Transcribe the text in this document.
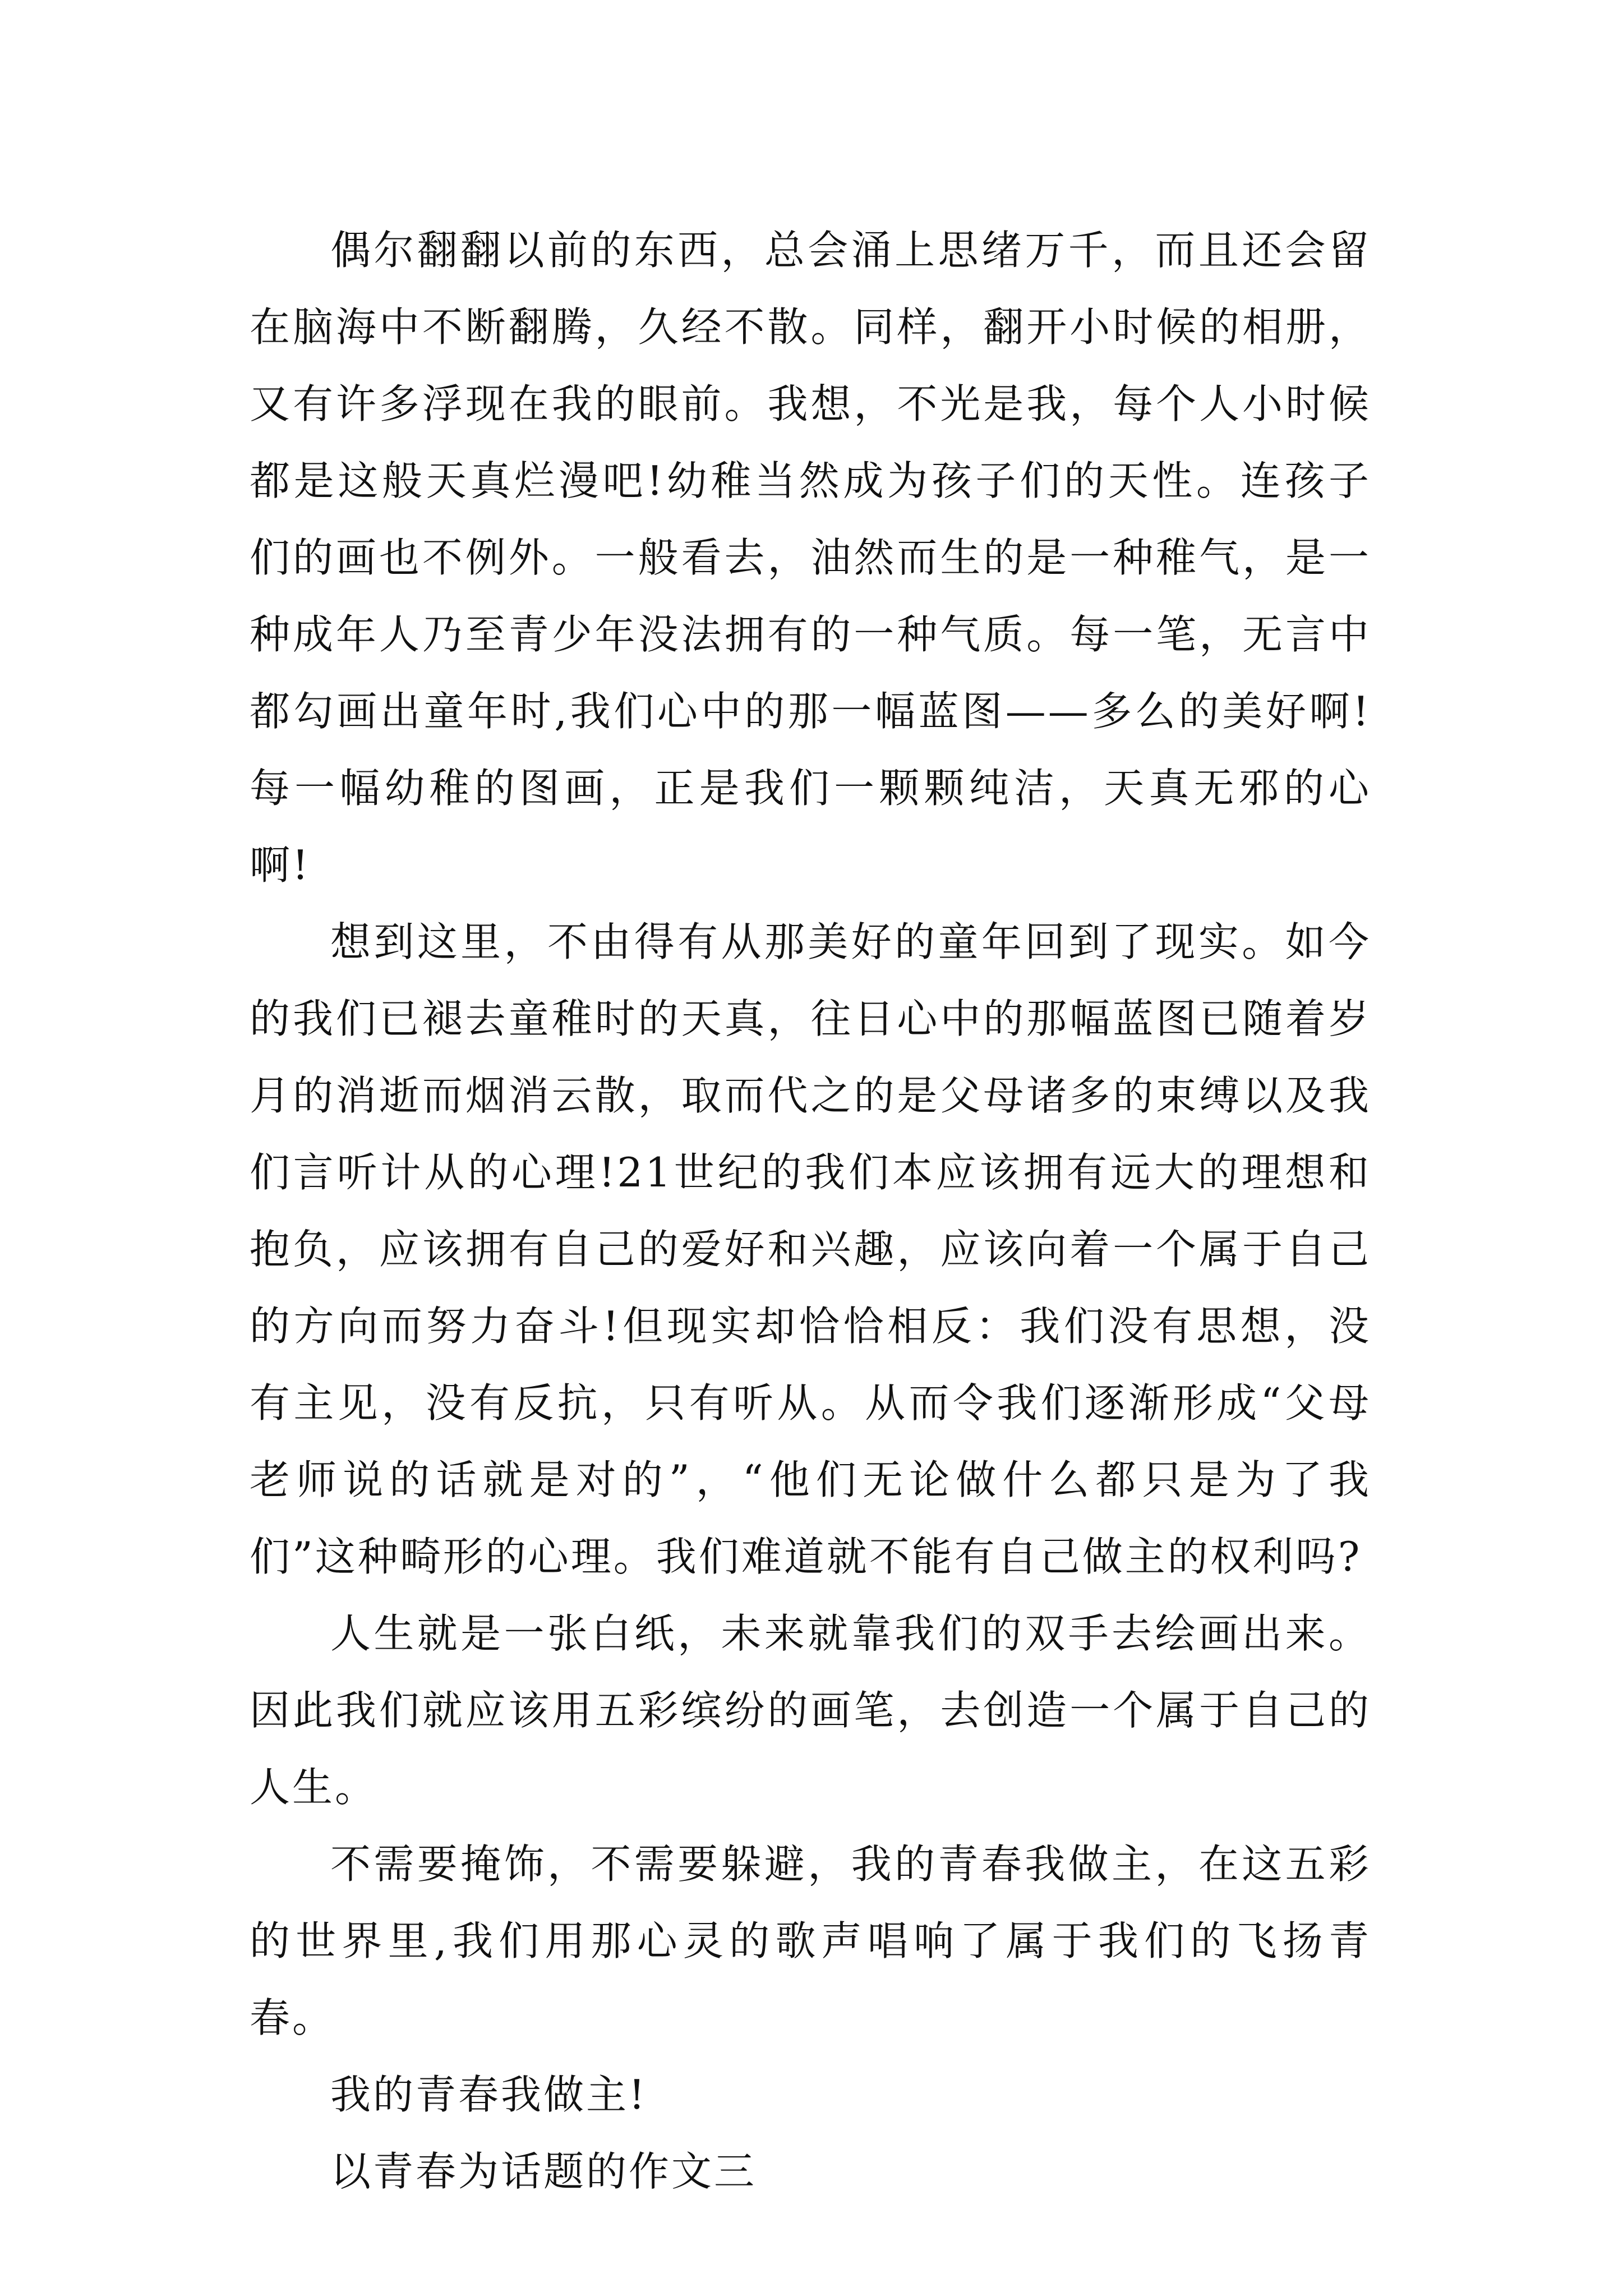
偶尔翻翻以前的东西，总会涌上思绪万千，而且还会留在脑海中不断翻腾，久经不散。同样，翻开小时候的相册，又有许多浮现在我的眼前。我想，不光是我，每个人小时候都是这般天真烂漫吧!幼稚当然成为孩子们的天性。连孩子们的画也不例外。一般看去，油然而生的是一种稚气，是一种成年人乃至青少年没法拥有的一种气质。每一笔，无言中都勾画出童年时,我们心中的那一幅蓝图——多么的美好啊!每一幅幼稚的图画，正是我们一颗颗纯洁，天真无邪的心啊!

想到这里，不由得有从那美好的童年回到了现实。如今的我们已褪去童稚时的天真，往日心中的那幅蓝图已随着岁月的消逝而烟消云散，取而代之的是父母诸多的束缚以及我们言听计从的心理!21世纪的我们本应该拥有远大的理想和抱负，应该拥有自己的爱好和兴趣，应该向着一个属于自己的方向而努力奋斗!但现实却恰恰相反：我们没有思想，没有主见，没有反抗，只有听从。从而令我们逐渐形成“父母老师说的话就是对的”，“他们无论做什么都只是为了我们”这种畸形的心理。我们难道就不能有自己做主的权利吗?

人生就是一张白纸，未来就靠我们的双手去绘画出来。因此我们就应该用五彩缤纷的画笔，去创造一个属于自己的人生。

不需要掩饰，不需要躲避，我的青春我做主，在这五彩的世界里,我们用那心灵的歌声唱响了属于我们的飞扬青春。

我的青春我做主!

以青春为话题的作文三
